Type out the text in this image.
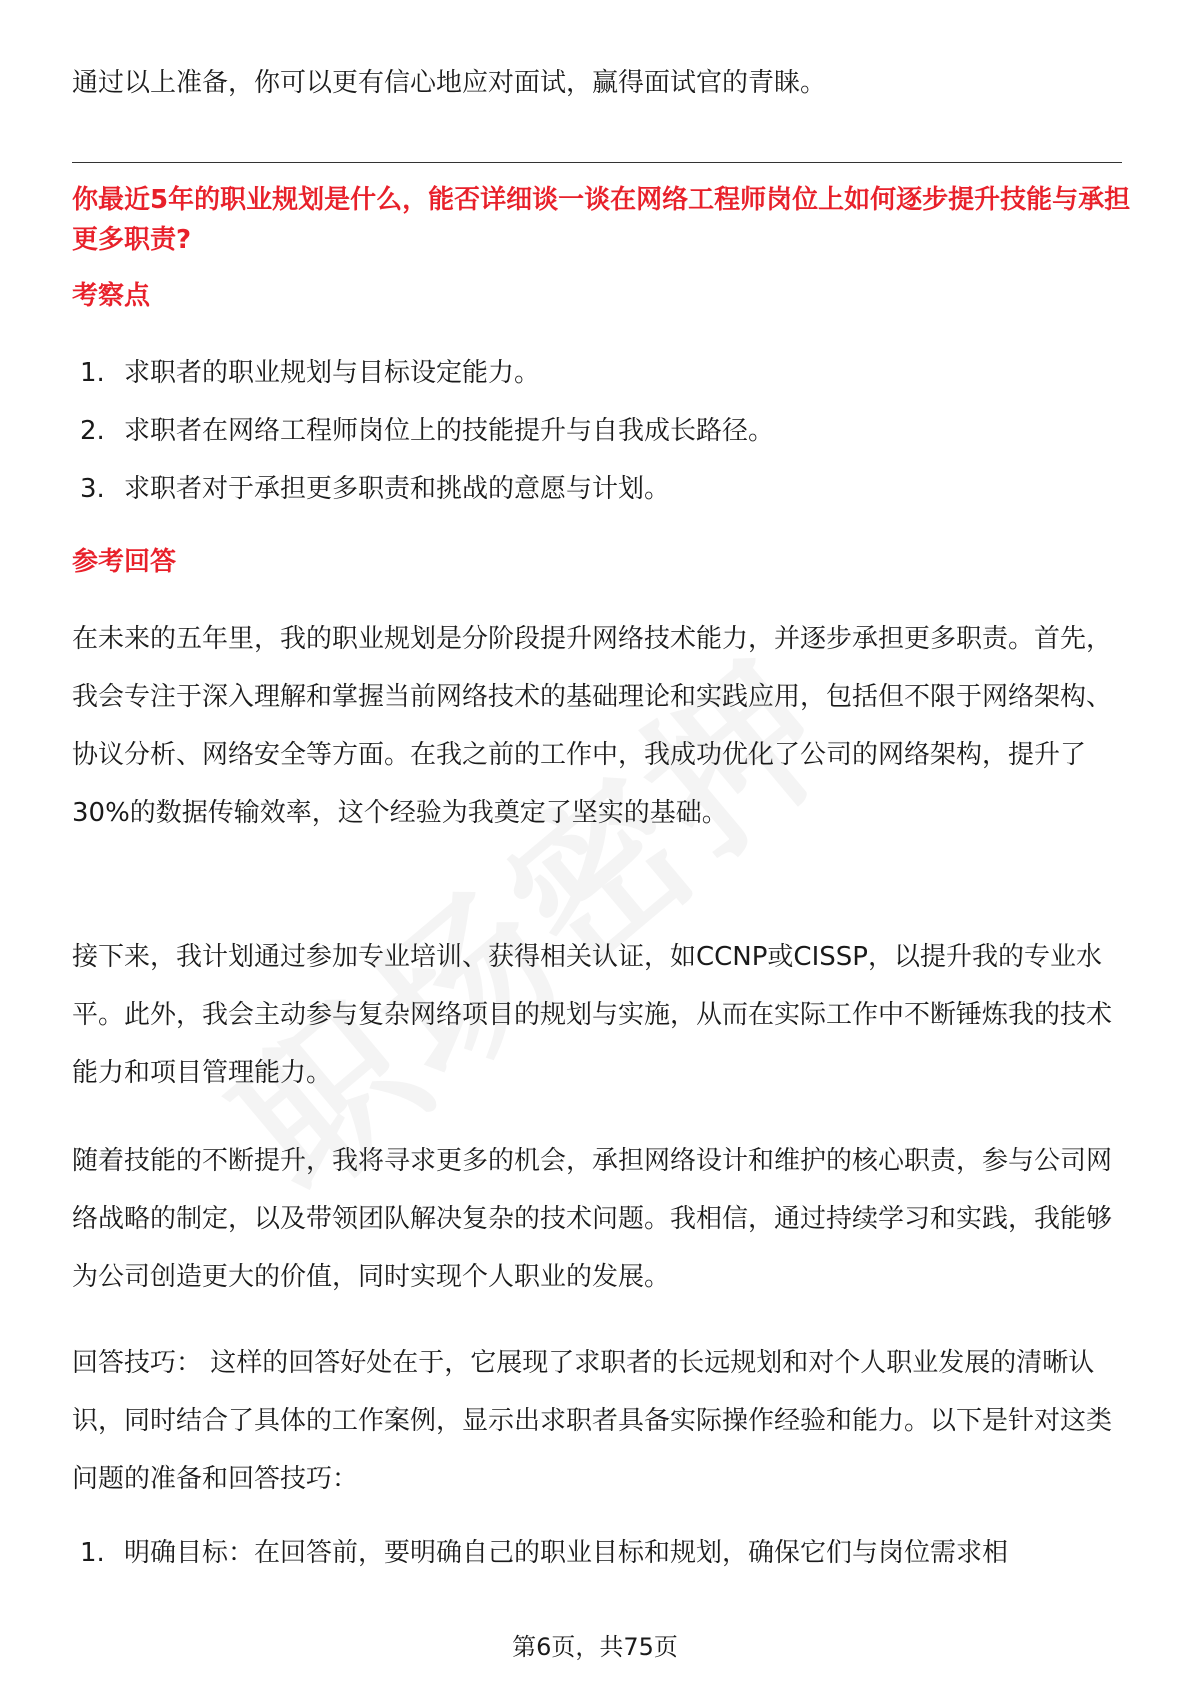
通过以上准备，你可以更有信心地应对面试，赢得面试官的青睐。
你最近5年的职业规划是什么，能否详细谈一谈在网络工程师岗位上如何逐步提升技能与承担更多职责?
考察点
1. 求职者的职业规划与目标设定能力。
2. 求职者在网络工程师岗位上的技能提升与自我成长路径。
3. 求职者对于承担更多职责和挑战的意愿与计划。
参考回答

在未来的五年里，我的职业规划是分阶段提升网络技术能力，并逐步承担更多职责。首先，我会专注于深入理解和掌握当前网络技术的基础理论和实践应用，包括但不限于网络架构、协议分析、网络安全等方面。在我之前的工作中，我成功优化了公司的网络架构，提升了30%的数据传输效率，这个经验为我奠定了坚实的基础。

接下来，我计划通过参加专业培训、获得相关认证，如CCNP或CISSP，以提升我的专业水平。此外，我会主动参与复杂网络项目的规划与实施，从而在实际工作中不断锤炼我的技术能力和项目管理能力。

随着技能的不断提升，我将寻求更多的机会，承担网络设计和维护的核心职责，参与公司网络战略的制定，以及带领团队解决复杂的技术问题。我相信，通过持续学习和实践，我能够为公司创造更大的价值，同时实现个人职业的发展。

回答技巧： 这样的回答好处在于，它展现了求职者的长远规划和对个人职业发展的清晰认识，同时结合了具体的工作案例，显示出求职者具备实际操作经验和能力。以下是针对这类问题的准备和回答技巧：

1. 明确目标：在回答前，要明确自己的职业目标和规划，确保它们与岗位需求相
第6页，共75页
